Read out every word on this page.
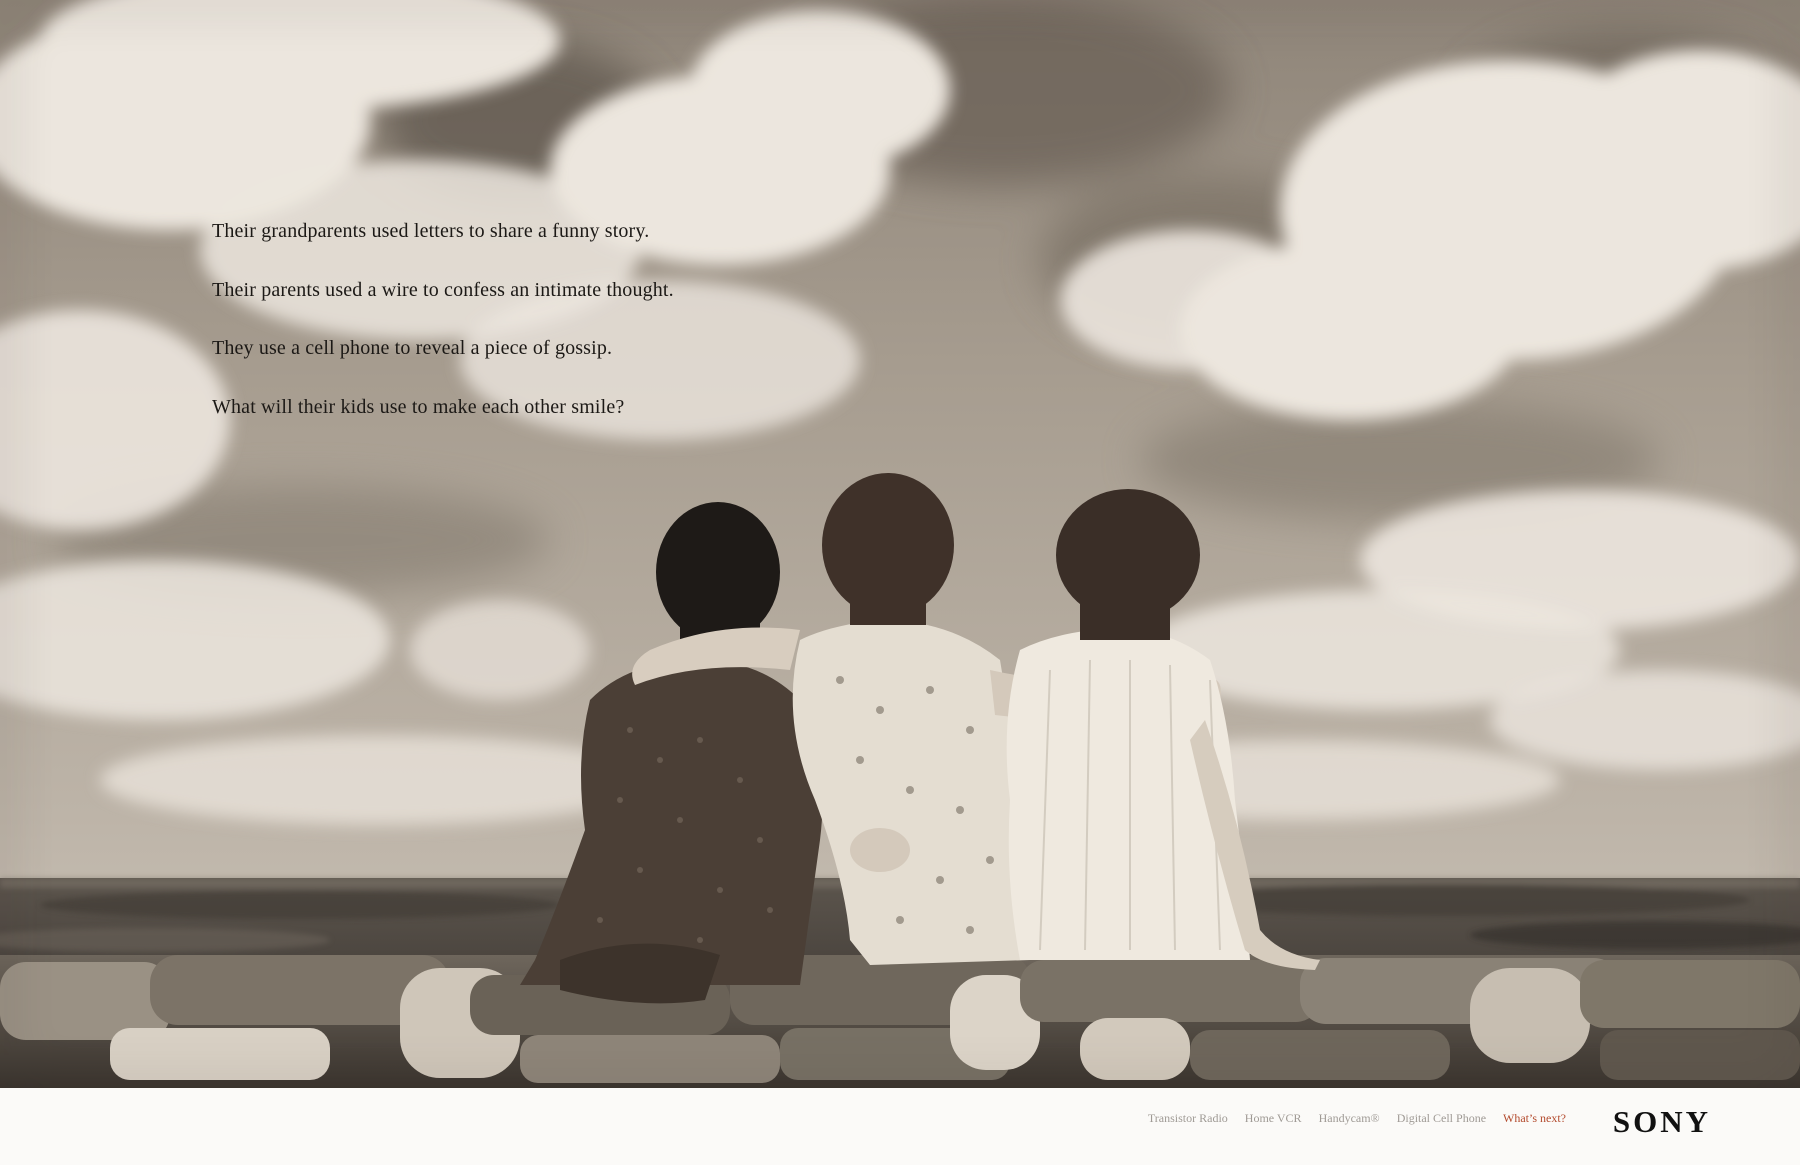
Their grandparents used letters to share a funny story.

Their parents used a wire to confess an intimate thought.

They use a cell phone to reveal a piece of gossip.

What will their kids use to make each other smile?

Transistor Radio Home VCR Handycam® Digital Cell Phone What’s next? SONY
